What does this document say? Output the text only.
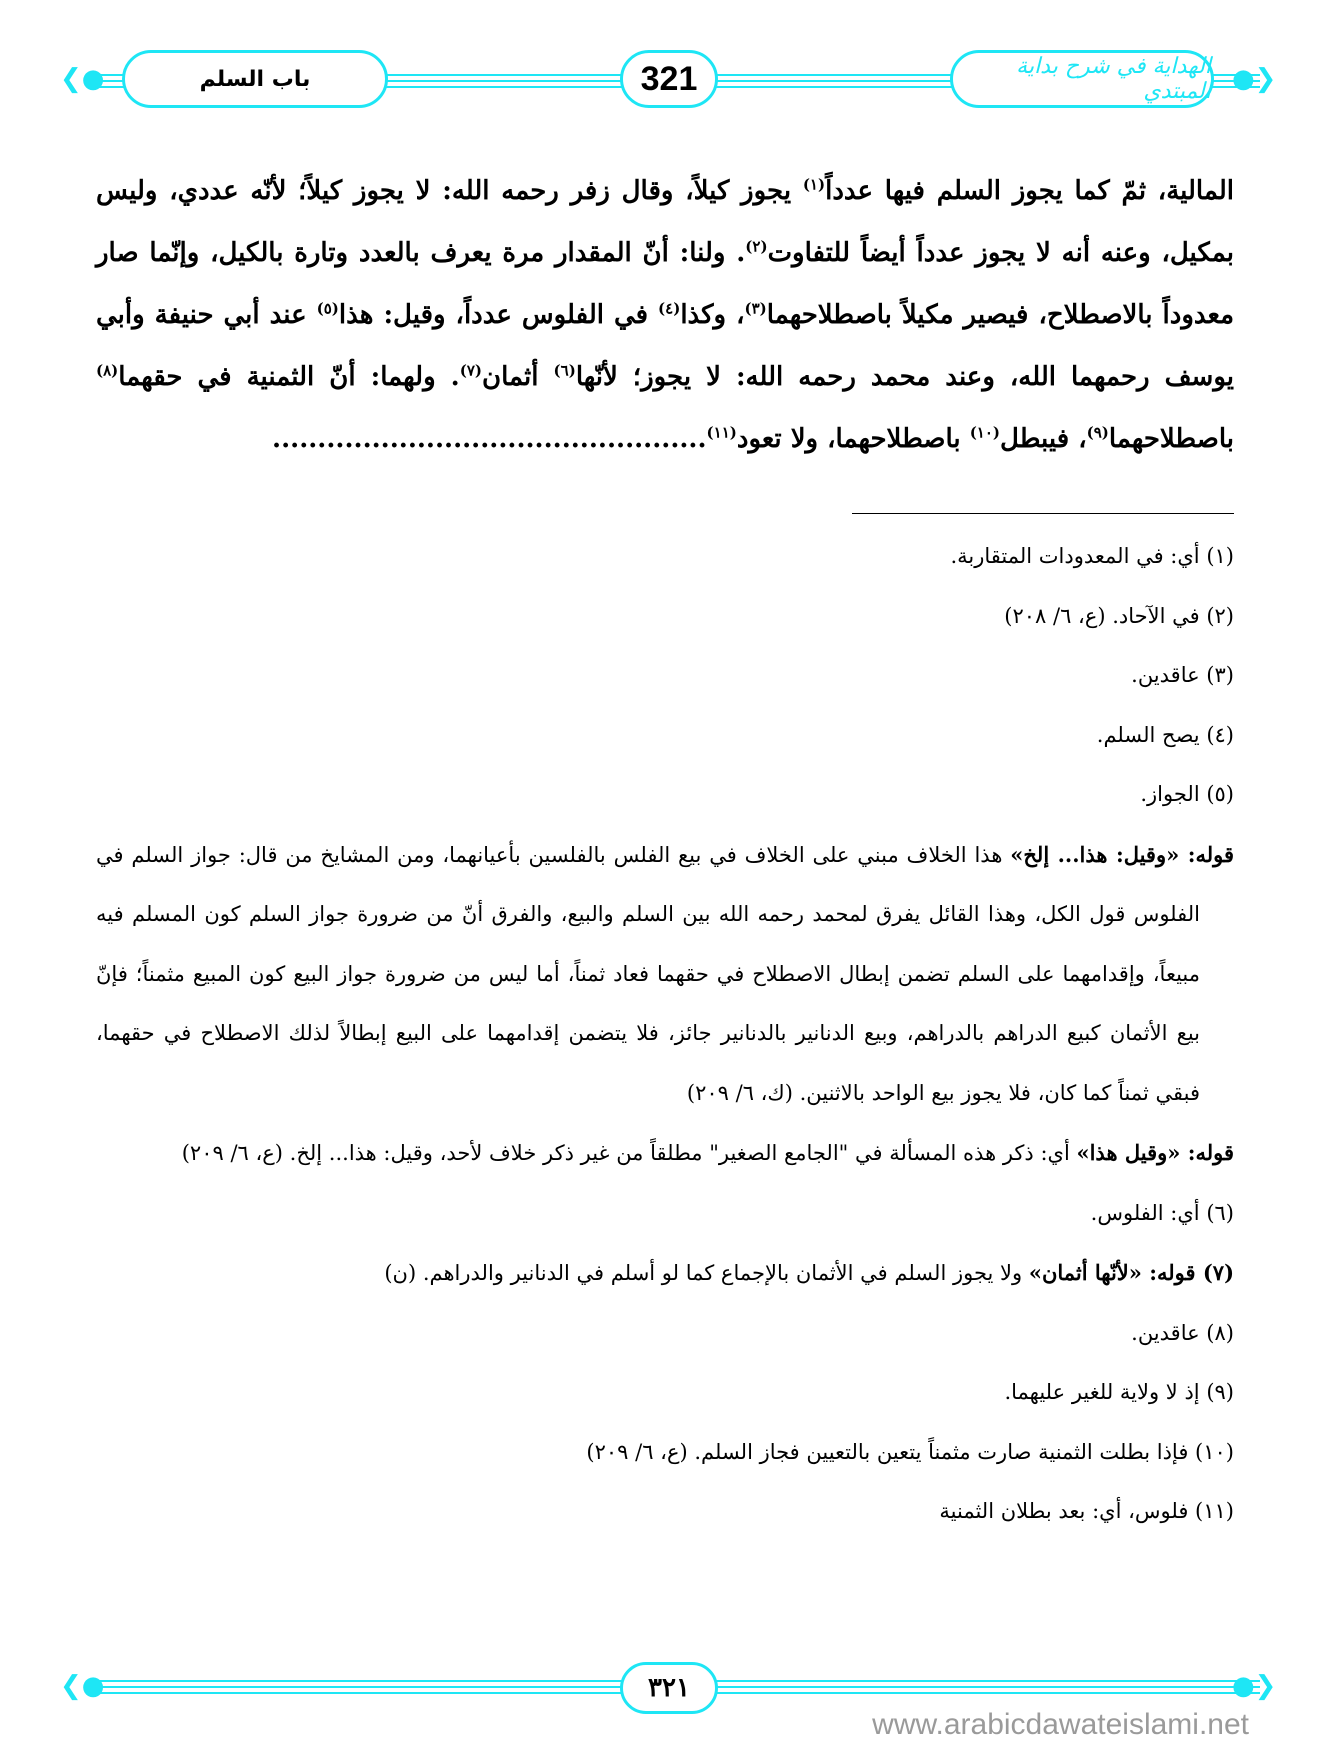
❮●	●❯
باب السلم	321	الهداية في شرح بداية المبتدي
المالية، ثمّ كما يجوز السلم فيها عدداً$^{(١)}$ يجوز كيلاً، وقال زفر رحمه الله: لا يجوز كيلاً؛ لأنّه عددي، وليس بمكيل، وعنه أنه لا يجوز عدداً أيضاً للتفاوت$^{(٢)}$. ولنا: أنّ المقدار مرة يعرف بالعدد وتارة بالكيل، وإنّما صار معدوداً بالاصطلاح، فيصير مكيلاً باصطلاحهما$^{(٣)}$، وكذا$^{(٤)}$ في الفلوس عدداً، وقيل: هذا$^{(٥)}$ عند أبي حنيفة وأبي يوسف رحمهما الله، وعند محمد رحمه الله: لا يجوز؛ لأنّها$^{(٦)}$ أثمان$^{(٧)}$. ولهما: أنّ الثمنية في حقهما$^{(٨)}$ باصطلاحهما$^{(٩)}$، فيبطل$^{(١٠)}$ باصطلاحهما، ولا تعود$^{(١١)}$................................................
(١) أي: في المعدودات المتقاربة.
(٢) في الآحاد. (ع، ٦/ ٢٠٨)
(٣) عاقدين.
(٤) يصح السلم.
(٥) الجواز.
قوله: «وقيل: هذا... إلخ» هذا الخلاف مبني على الخلاف في بيع الفلس بالفلسين بأعيانهما، ومن المشايخ من قال: جواز السلم في الفلوس قول الكل، وهذا القائل يفرق لمحمد رحمه الله بين السلم والبيع، والفرق أنّ من ضرورة جواز السلم كون المسلم فيه مبيعاً، وإقدامهما على السلم تضمن إبطال الاصطلاح في حقهما فعاد ثمناً، أما ليس من ضرورة جواز البيع كون المبيع مثمناً؛ فإنّ بيع الأثمان كبيع الدراهم بالدراهم، وبيع الدنانير بالدنانير جائز، فلا يتضمن إقدامهما على البيع إبطالاً لذلك الاصطلاح في حقهما، فبقي ثمناً كما كان، فلا يجوز بيع الواحد بالاثنين. (ك، ٦/ ٢٠٩)
قوله: «وقيل هذا» أي: ذكر هذه المسألة في "الجامع الصغير" مطلقاً من غير ذكر خلاف لأحد، وقيل: هذا... إلخ. (ع، ٦/ ٢٠٩)
(٦) أي: الفلوس.
(٧) قوله: «لأنّها أثمان» ولا يجوز السلم في الأثمان بالإجماع كما لو أسلم في الدنانير والدراهم. (ن)
(٨) عاقدين.
(٩) إذ لا ولاية للغير عليهما.
(١٠) فإذا بطلت الثمنية صارت مثمناً يتعين بالتعيين فجاز السلم. (ع، ٦/ ٢٠٩)
(١١) فلوس، أي: بعد بطلان الثمنية
❮●	●❯
٣٢١
www.arabicdawateislami.net
